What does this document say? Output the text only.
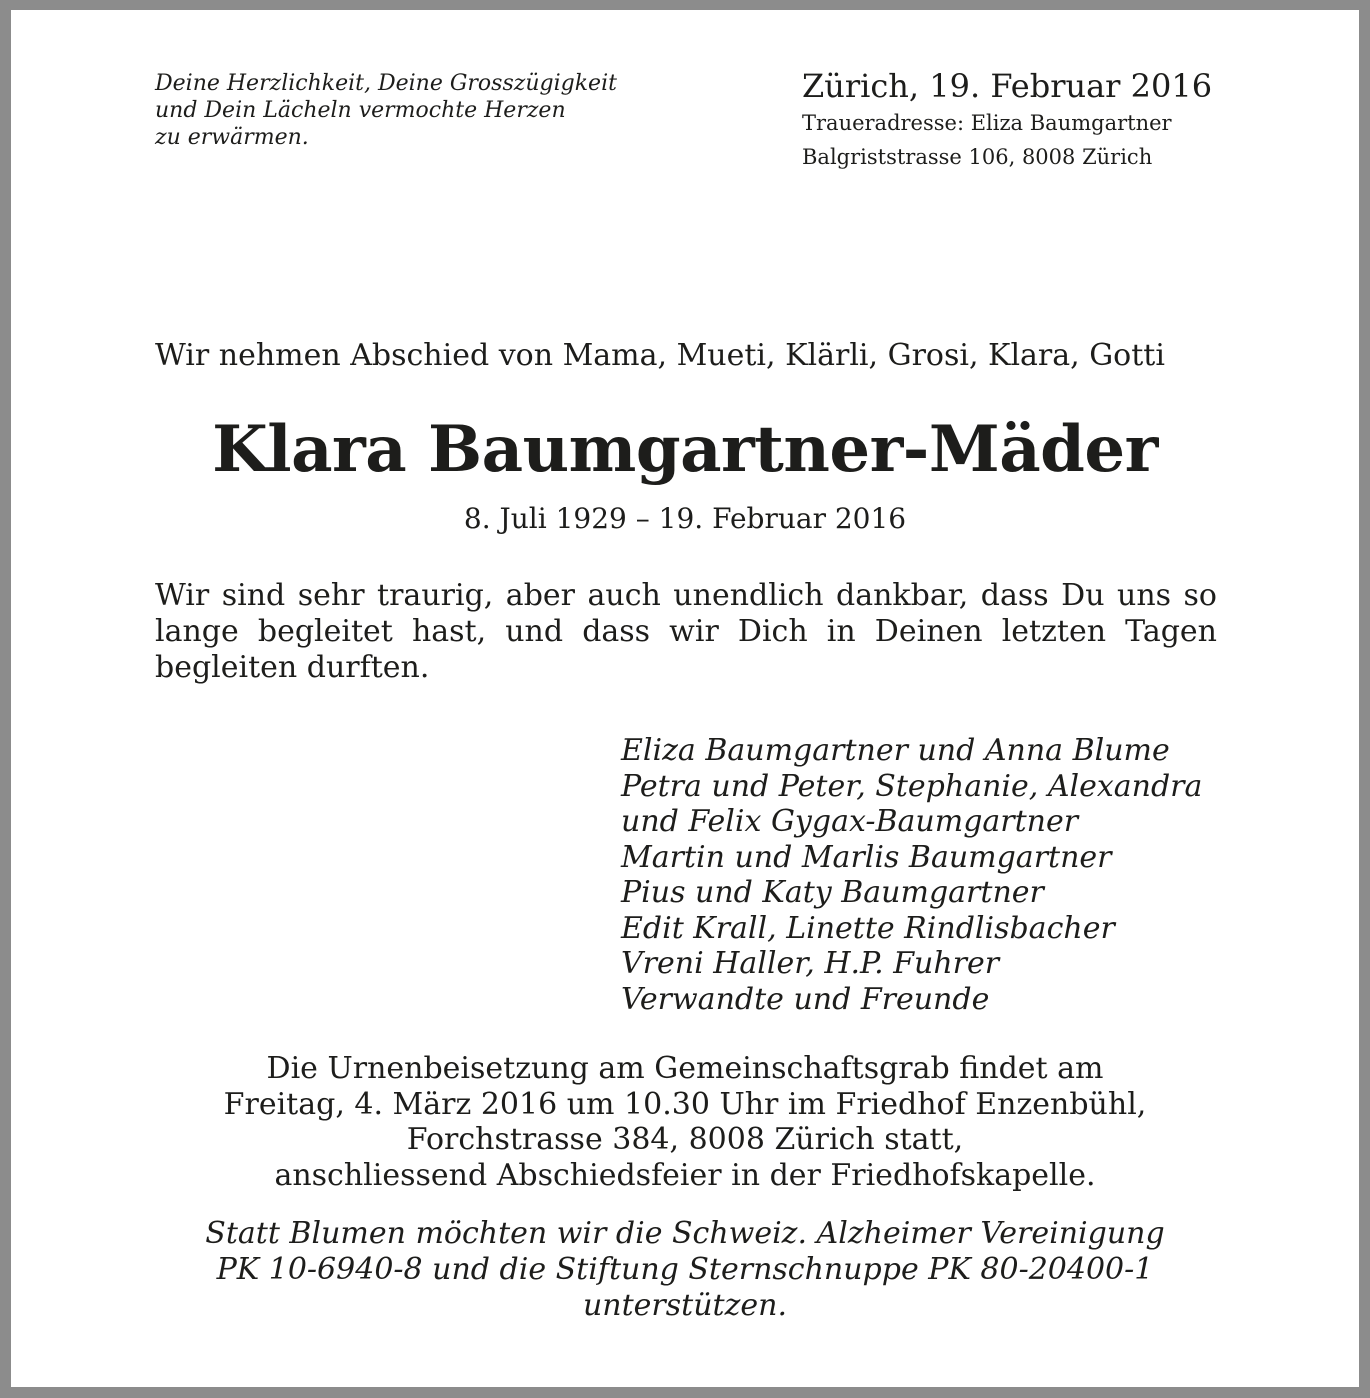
Deine Herzlichkeit, Deine Grosszügigkeit
und Dein Lächeln vermochte Herzen
zu erwärmen.
Zürich, 19. Februar 2016
Traueradresse: Eliza Baumgartner
Balgriststrasse 106, 8008 Zürich
Wir nehmen Abschied von Mama, Mueti, Klärli, Grosi, Klara, Gotti
Klara Baumgartner-Mäder
8. Juli 1929 – 19. Februar 2016
Wir sind sehr traurig, aber auch unendlich dankbar, dass Du uns so
lange begleitet hast, und dass wir Dich in Deinen letzten Tagen
begleiten durften.
Eliza Baumgartner und Anna Blume
Petra und Peter, Stephanie, Alexandra
und Felix Gygax-Baumgartner
Martin und Marlis Baumgartner
Pius und Katy Baumgartner
Edit Krall, Linette Rindlisbacher
Vreni Haller, H.P. Fuhrer
Verwandte und Freunde
Die Urnenbeisetzung am Gemeinschaftsgrab findet am
Freitag, 4. März 2016 um 10.30 Uhr im Friedhof Enzenbühl,
Forchstrasse 384, 8008 Zürich statt,
anschliessend Abschiedsfeier in der Friedhofskapelle.
Statt Blumen möchten wir die Schweiz. Alzheimer Vereinigung
PK 10-6940-8 und die Stiftung Sternschnuppe PK 80-20400-1
unterstützen.
